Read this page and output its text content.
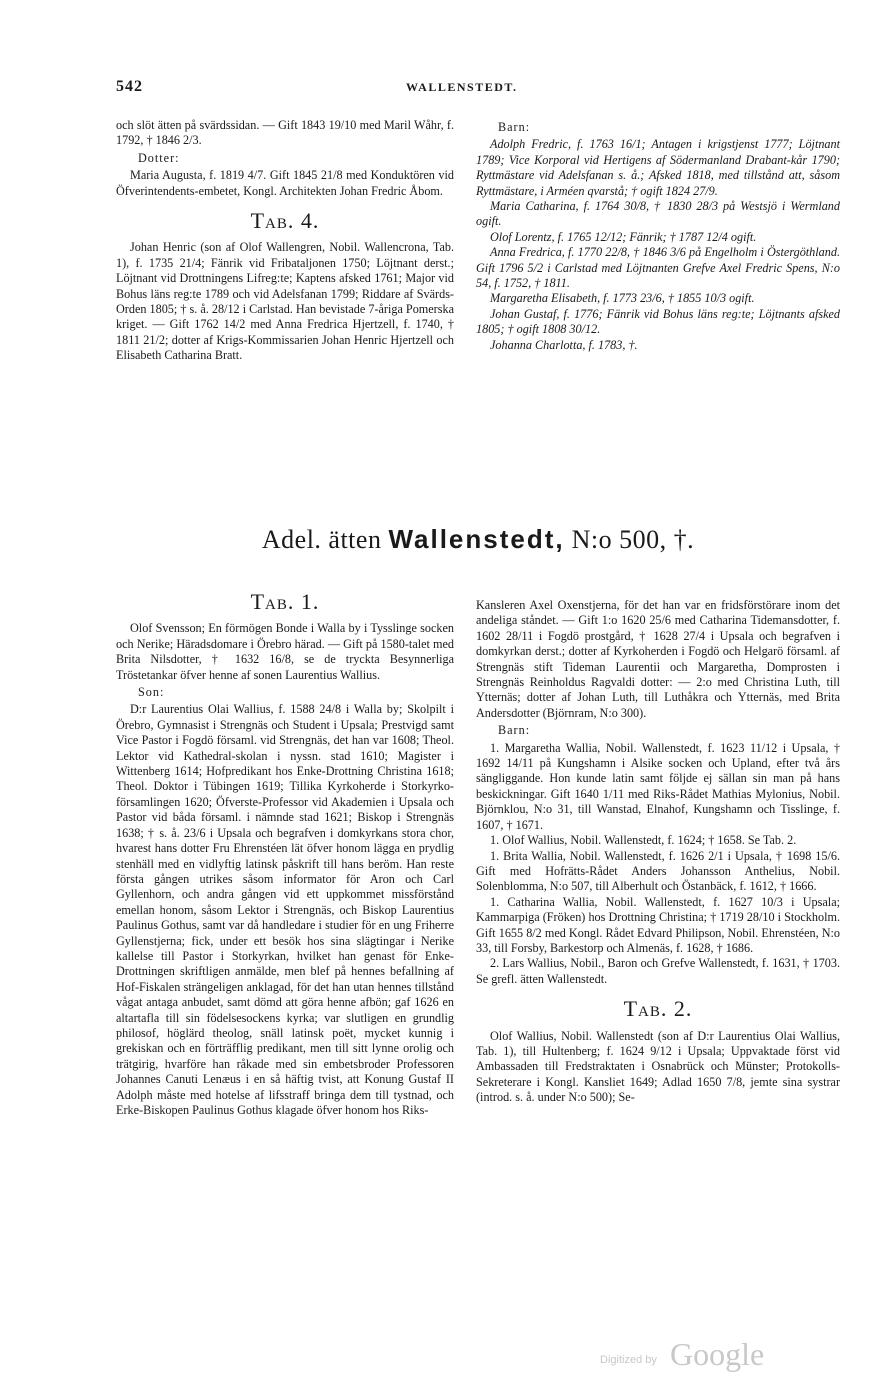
542	WALLENSTEDT.

och slöt ätten på svärdssidan. — Gift 1843 19/10 med Maril Wåhr, f. 1792, † 1846 2/3.

Dotter:

Maria Augusta, f. 1819 4/7. Gift 1845 21/8 med Konduktören vid Öfverintendents-embetet, Kongl. Architekten Johan Fredric Åbom.

Tab. 4.

Johan Henric (son af Olof Wallengren, Nobil. Wallencrona, Tab. 1), f. 1735 21/4; Fänrik vid Fribataljonen 1750; Löjtnant derst.; Löjtnant vid Drottningens Lifreg:te; Kaptens afsked 1761; Major vid Bohus läns reg:te 1789 och vid Adelsfanan 1799; Riddare af Svärds-Orden 1805; † s. å. 28/12 i Carlstad. Han bevistade 7-åriga Pomerska kriget. — Gift 1762 14/2 med Anna Fredrica Hjertzell, f. 1740, † 1811 21/2; dotter af Krigs-Kommissarien Johan Henric Hjertzell och Elisabeth Catharina Bratt.

Barn:

Adolph Fredric, f. 1763 16/1; Antagen i krigstjenst 1777; Löjtnant 1789; Vice Korporal vid Hertigens af Södermanland Drabant-kår 1790; Ryttmästare vid Adelsfanan s. å.; Afsked 1818, med tillstånd att, såsom Ryttmästare, i Arméen qvarstå; † ogift 1824 27/9.

Maria Catharina, f. 1764 30/8, † 1830 28/3 på Westsjö i Wermland ogift.

Olof Lorentz, f. 1765 12/12; Fänrik; † 1787 12/4 ogift.

Anna Fredrica, f. 1770 22/8, † 1846 3/6 på Engelholm i Östergöthland. Gift 1796 5/2 i Carlstad med Löjtnanten Grefve Axel Fredric Spens, N:o 54, f. 1752, † 1811.

Margaretha Elisabeth, f. 1773 23/6, † 1855 10/3 ogift.

Johan Gustaf, f. 1776; Fänrik vid Bohus läns reg:te; Löjtnants afsked 1805; † ogift 1808 30/12.

Johanna Charlotta, f. 1783, †.

Adel. ätten Wallenstedt, N:o 500, †.
Tab. 1.

Olof Svensson; En förmögen Bonde i Walla by i Tysslinge socken och Nerike; Häradsdomare i Örebro härad. — Gift på 1580-talet med Brita Nilsdotter, † 1632 16/8, se de tryckta Besynnerliga Tröstetankar öfver henne af sonen Laurentius Wallius.

Son:

D:r Laurentius Olai Wallius, f. 1588 24/8 i Walla by; Skolpilt i Örebro, Gymnasist i Strengnäs och Student i Upsala; Prestvigd samt Vice Pastor i Fogdö församl. vid Strengnäs, det han var 1608; Theol. Lektor vid Kathedral-skolan i nyssn. stad 1610; Magister i Wittenberg 1614; Hofpredikant hos Enke-Drottning Christina 1618; Theol. Doktor i Tübingen 1619; Tillika Kyrkoherde i Storkyrko-församlingen 1620; Öfverste-Professor vid Akademien i Upsala och Pastor vid båda församl. i nämnde stad 1621; Biskop i Strengnäs 1638; † s. å. 23/6 i Upsala och begrafven i domkyrkans stora chor, hvarest hans dotter Fru Ehrenstéen lät öfver honom lägga en prydlig stenhäll med en vidlyftig latinsk påskrift till hans beröm. Han reste första gången utrikes såsom informator för Aron och Carl Gyllenhorn, och andra gången vid ett uppkommet missförstånd emellan honom, såsom Lektor i Strengnäs, och Biskop Laurentius Paulinus Gothus, samt var då handledare i studier för en ung Friherre Gyllenstjerna; fick, under ett besök hos sina slägtingar i Nerike kallelse till Pastor i Storkyrkan, hvilket han genast för Enke-Drottningen skriftligen anmälde, men blef på hennes befallning af Hof-Fiskalen strängeligen anklagad, för det han utan hennes tillstånd vågat antaga anbudet, samt dömd att göra henne afbön; gaf 1626 en altartafla till sin födelsesockens kyrka; var slutligen en grundlig philosof, höglärd theolog, snäll latinsk poët, mycket kunnig i grekiskan och en förträfflig predikant, men till sitt lynne orolig och trätgirig, hvarföre han råkade med sin embetsbroder Professoren Johannes Canuti Lenæus i en så häftig tvist, att Konung Gustaf II Adolph måste med hotelse af lifsstraff bringa dem till tystnad, och Erke-Biskopen Paulinus Gothus klagade öfver honom hos Riks-

Kansleren Axel Oxenstjerna, för det han var en fridsförstörare inom det andeliga ståndet. — Gift 1:o 1620 25/6 med Catharina Tidemansdotter, f. 1602 28/11 i Fogdö prostgård, † 1628 27/4 i Upsala och begrafven i domkyrkan derst.; dotter af Kyrkoherden i Fogdö och Helgarö församl. af Strengnäs stift Tideman Laurentii och Margaretha, Domprosten i Strengnäs Reinholdus Ragvaldi dotter: — 2:o med Christina Luth, till Ytternäs; dotter af Johan Luth, till Luthåkra och Ytternäs, med Brita Andersdotter (Björnram, N:o 300).

Barn:

1. Margaretha Wallia, Nobil. Wallenstedt, f. 1623 11/12 i Upsala, † 1692 14/11 på Kungshamn i Alsike socken och Upland, efter två års sängliggande. Hon kunde latin samt följde ej sällan sin man på hans beskickningar. Gift 1640 1/11 med Riks-Rådet Mathias Mylonius, Nobil. Björnklou, N:o 31, till Wanstad, Elnahof, Kungshamn och Tisslinge, f. 1607, † 1671.

1. Olof Wallius, Nobil. Wallenstedt, f. 1624; † 1658. Se Tab. 2.

1. Brita Wallia, Nobil. Wallenstedt, f. 1626 2/1 i Upsala, † 1698 15/6. Gift med Hofrätts-Rådet Anders Johansson Anthelius, Nobil. Solenblomma, N:o 507, till Alberhult och Östanbäck, f. 1612, † 1666.

1. Catharina Wallia, Nobil. Wallenstedt, f. 1627 10/3 i Upsala; Kammarpiga (Fröken) hos Drottning Christina; † 1719 28/10 i Stockholm. Gift 1655 8/2 med Kongl. Rådet Edvard Philipson, Nobil. Ehrenstéen, N:o 33, till Forsby, Barkestorp och Almenäs, f. 1628, † 1686.

2. Lars Wallius, Nobil., Baron och Grefve Wallenstedt, f. 1631, † 1703. Se grefl. ätten Wallenstedt.

Tab. 2.

Olof Wallius, Nobil. Wallenstedt (son af D:r Laurentius Olai Wallius, Tab. 1), till Hultenberg; f. 1624 9/12 i Upsala; Uppvaktade först vid Ambassaden till Fredstraktaten i Osnabrück och Münster; Protokolls-Sekreterare i Kongl. Kansliet 1649; Adlad 1650 7/8, jemte sina systrar (introd. s. å. under N:o 500); Se-

Digitized by Google
